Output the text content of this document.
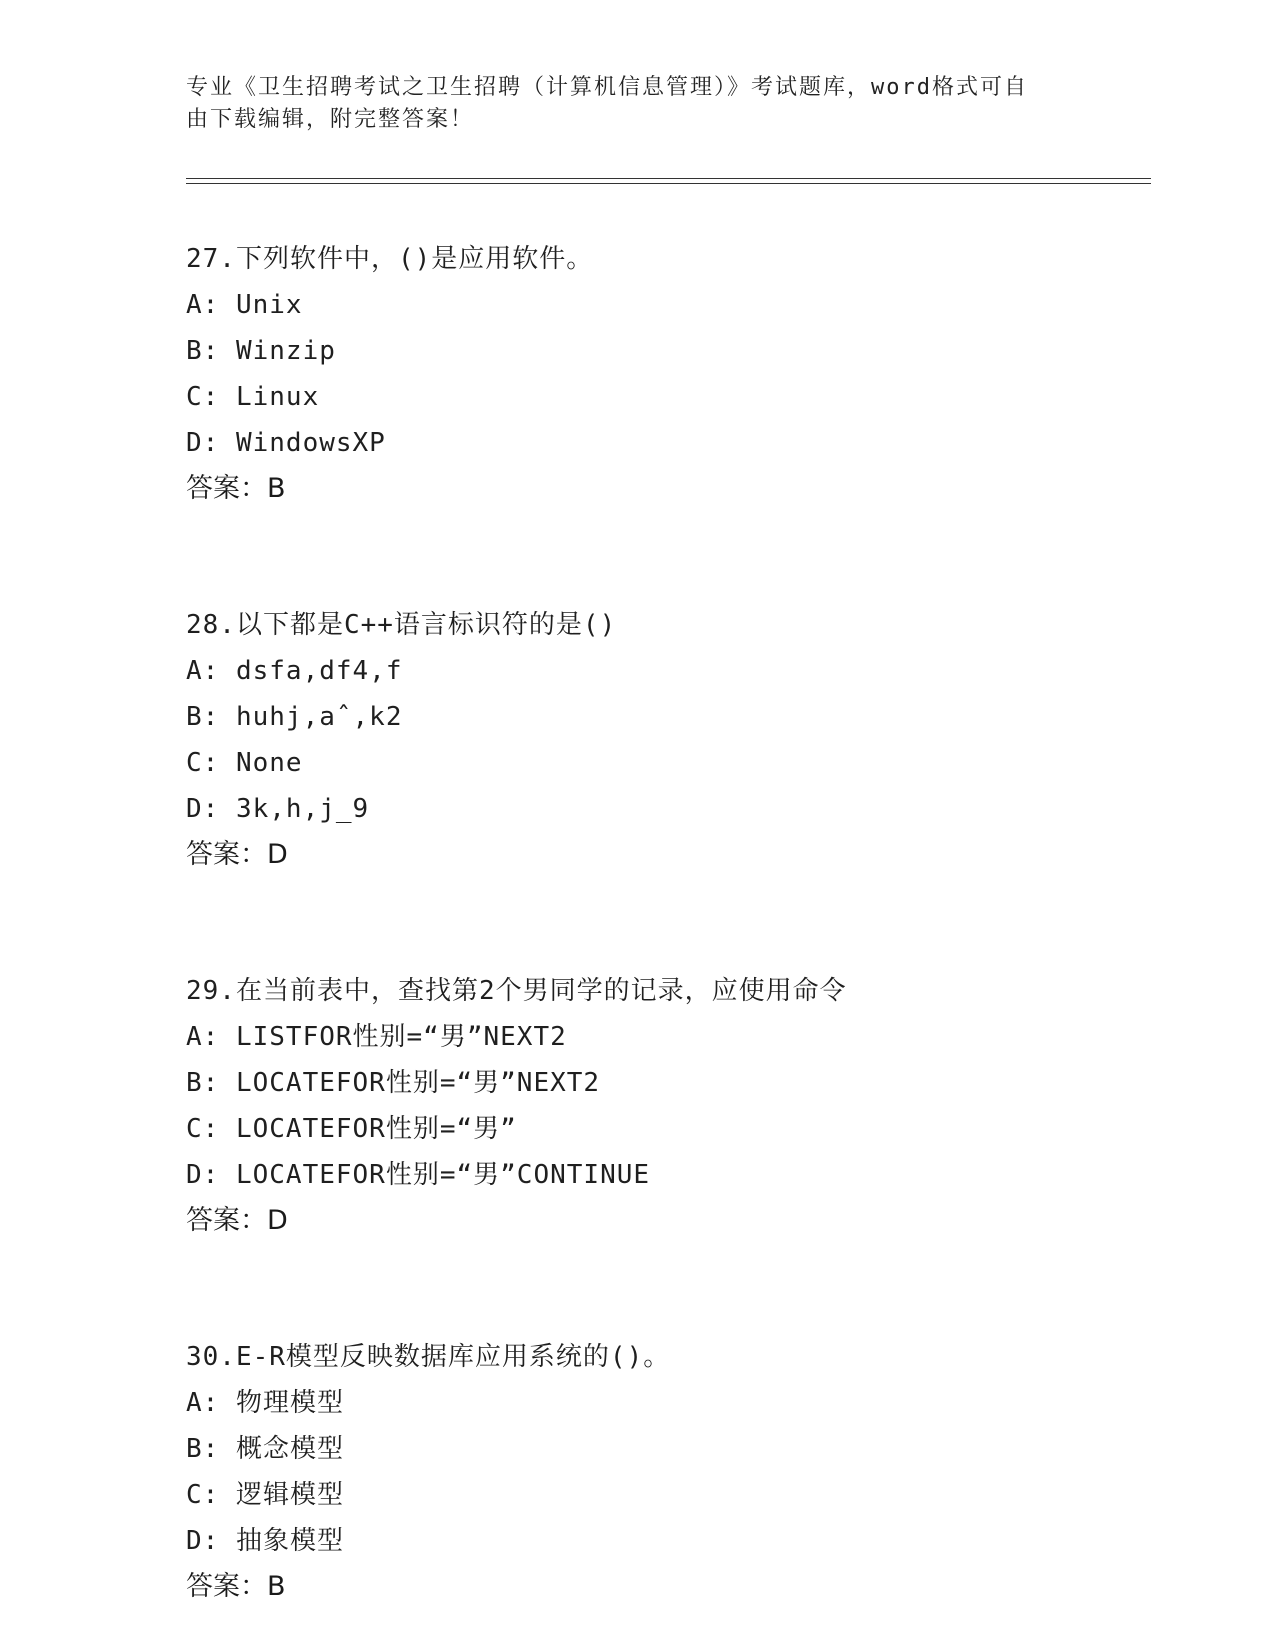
专业《卫生招聘考试之卫生招聘（计算机信息管理）》考试题库，word格式可自
由下载编辑，附完整答案！
27.下列软件中，()是应用软件。
A: Unix
B: Winzip
C: Linux
D: WindowsXP
答案：B
28.以下都是C++语言标识符的是()
A: dsfa,df4,f
B: huhj,aˆ,k2
C: None
D: 3k,h,j_9
答案：D
29.在当前表中，查找第2个男同学的记录，应使用命令
A: LISTFOR性别=“男”NEXT2
B: LOCATEFOR性别=“男”NEXT2
C: LOCATEFOR性别=“男”
D: LOCATEFOR性别=“男”CONTINUE
答案：D
30.E-R模型反映数据库应用系统的()。
A: 物理模型
B: 概念模型
C: 逻辑模型
D: 抽象模型
答案：B
